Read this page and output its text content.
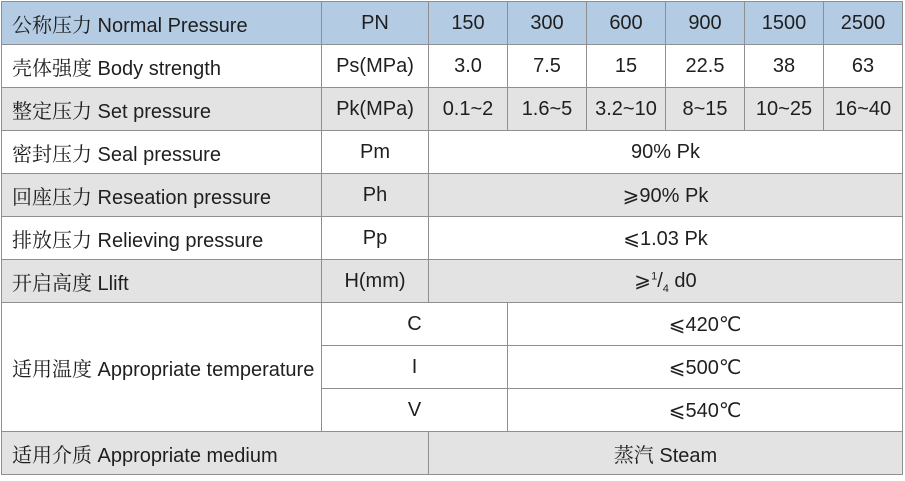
公称压力 Normal Pressure	PN	150	300	600	900	1500	2500
壳体强度 Body strength	Ps(MPa)	3.0	7.5	15	22.5	38	63
整定压力 Set pressure	Pk(MPa)	0.1~2	1.6~5	3.2~10	8~15	10~25	16~40
密封压力 Seal pressure	Pm	90% Pk					
回座压力 Reseation pressure	Ph	⩾90% Pk					
排放压力 Relieving pressure	Pp	⩽1.03 Pk					
开启高度 Llift	H(mm)	$⩾^1/_4$ d0					
适用温度 Appropriate temperature	C		⩽420℃				
	I		⩽500℃				
	V		⩽540℃				
适用介质 Appropriate medium		蒸汽 Steam					
